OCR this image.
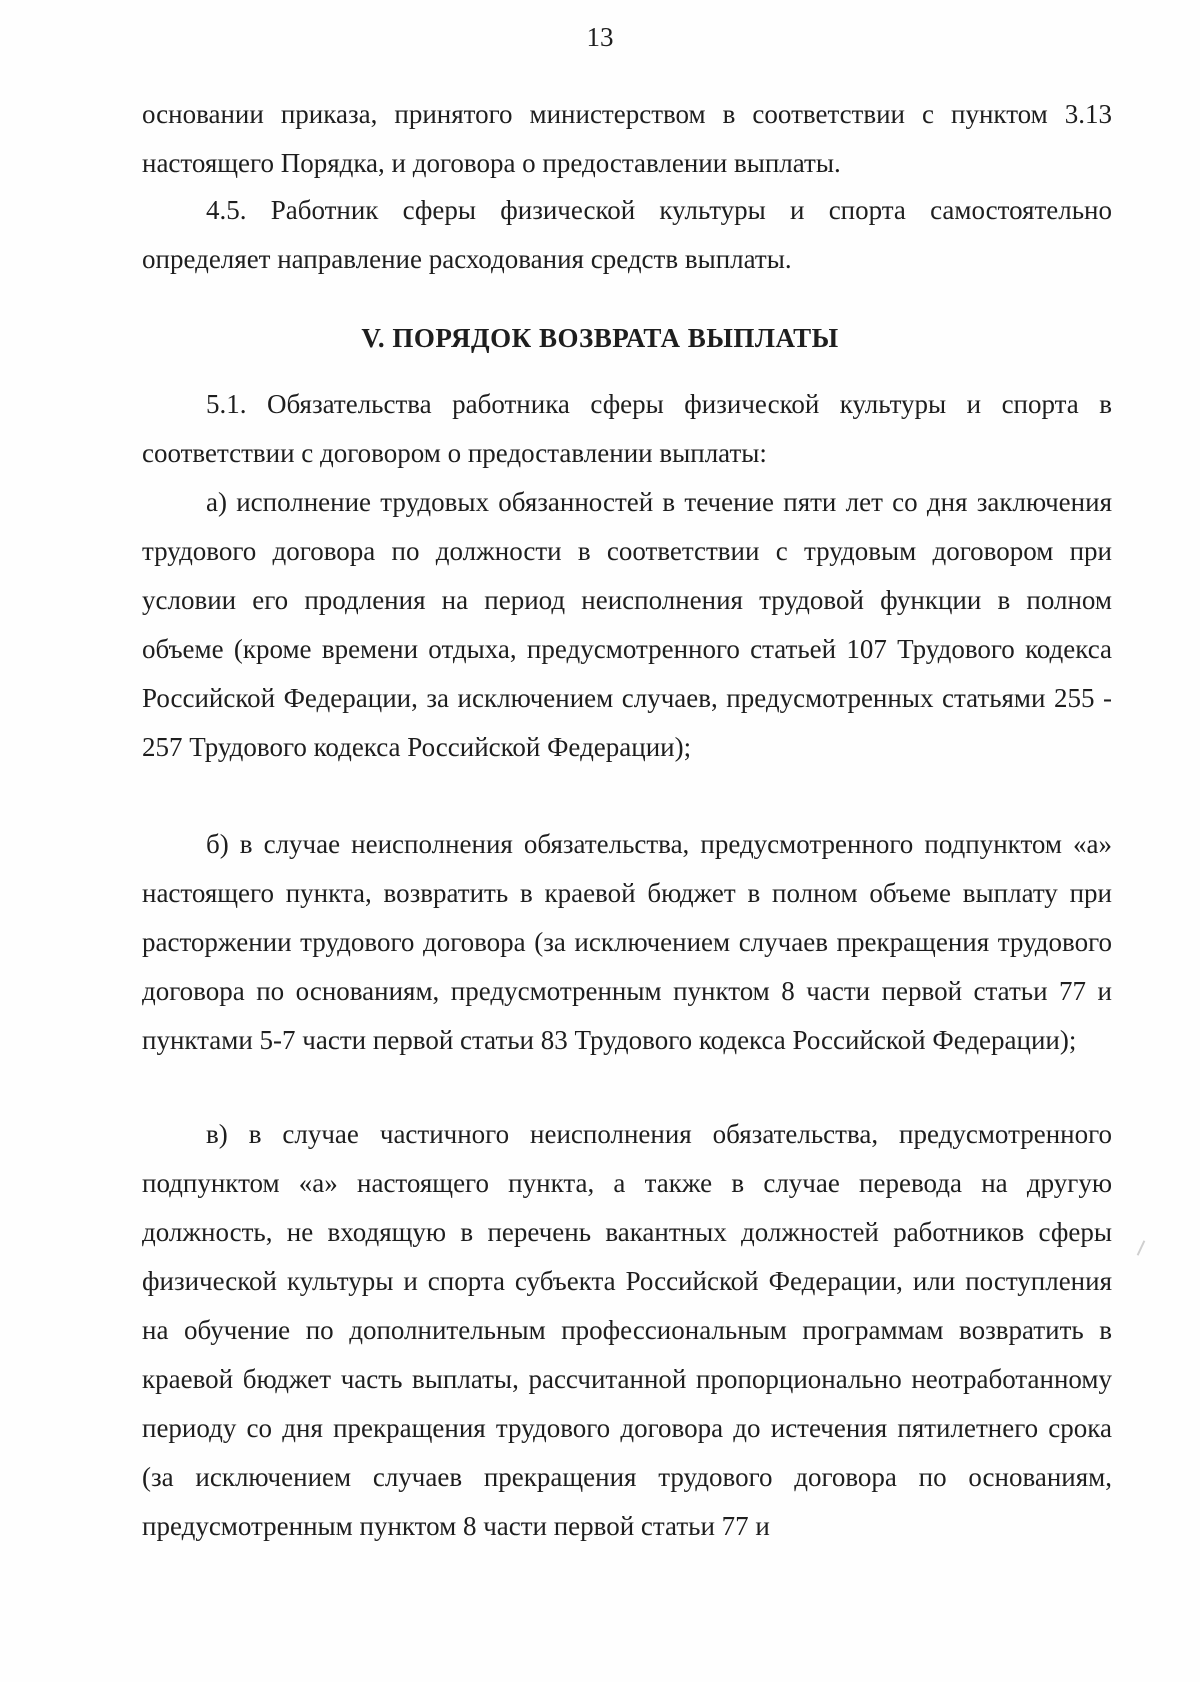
13

основании приказа, принятого министерством в соответствии с пунктом 3.13 настоящего Порядка, и договора о предоставлении выплаты.

4.5. Работник сферы физической культуры и спорта самостоятельно определяет направление расходования средств выплаты.

V. ПОРЯДОК ВОЗВРАТА ВЫПЛАТЫ

5.1. Обязательства работника сферы физической культуры и спорта в соответствии с договором о предоставлении выплаты:

а) исполнение трудовых обязанностей в течение пяти лет со дня заключения трудового договора по должности в соответствии с трудовым договором при условии его продления на период неисполнения трудовой функции в полном объеме (кроме времени отдыха, предусмотренного статьей 107 Трудового кодекса Российской Федерации, за исключением случаев, предусмотренных статьями 255 - 257 Трудового кодекса Российской Федерации);

б) в случае неисполнения обязательства, предусмотренного подпунктом «а» настоящего пункта, возвратить в краевой бюджет в полном объеме выплату при расторжении трудового договора (за исключением случаев прекращения трудового договора по основаниям, предусмотренным пунктом 8 части первой статьи 77 и пунктами 5-7 части первой статьи 83 Трудового кодекса Российской Федерации);

в) в случае частичного неисполнения обязательства, предусмотренного подпунктом «а» настоящего пункта, а также в случае перевода на другую должность, не входящую в перечень вакантных должностей работников сферы физической культуры и спорта субъекта Российской Федерации, или поступления на обучение по дополнительным профессиональным программам возвратить в краевой бюджет часть выплаты, рассчитанной пропорционально неотработанному периоду со дня прекращения трудового договора до истечения пятилетнего срока (за исключением случаев прекращения трудового договора по основаниям, предусмотренным пунктом 8 части первой статьи 77 и
